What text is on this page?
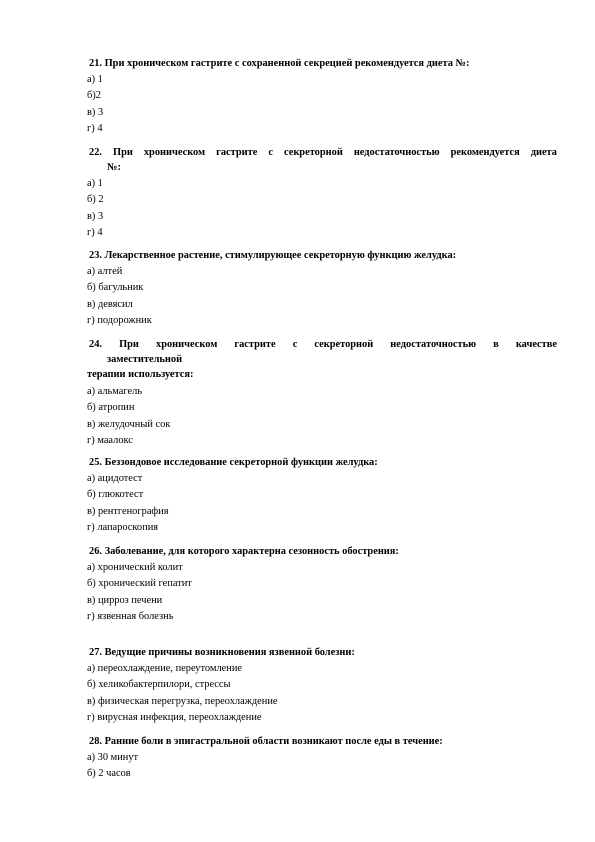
21. При хроническом гастрите с сохраненной секрецией рекомендуется диета №:
а) 1
б)2
в) 3
г) 4
22. При хроническом гастрите с секреторной недостаточностью рекомендуется диета
№:
а) 1
б) 2
в) 3
г) 4
23. Лекарственное растение, стимулирующее секреторную функцию желудка:
а) алтей
б) багульник
в) девясил
г) подорожник
24. При хроническом гастрите с секреторной недостаточностью в качестве
заместительной
терапии используется:
а) альмагель
б) атропин
в) желудочный сок
г) маалокс
25. Беззондовое исследование секреторной функции желудка:
а) ацидотест
б) глюкотест
в) рентгенография
г) лапароскопия
26. Заболевание, для которого характерна сезонность обострения:
а) хронический колит
б) хронический гепатит
в) цирроз печени
г) язвенная болезнь
27. Ведущие причины возникновения язвенной болезни:
а) переохлаждение, переутомление
б) хеликобактерпилори, стрессы
в) физическая перегрузка, переохлаждение
г) вирусная инфекция, переохлаждение
28. Ранние боли в эпигастральной области возникают после еды в течение:
а) 30 минут
б) 2 часов
